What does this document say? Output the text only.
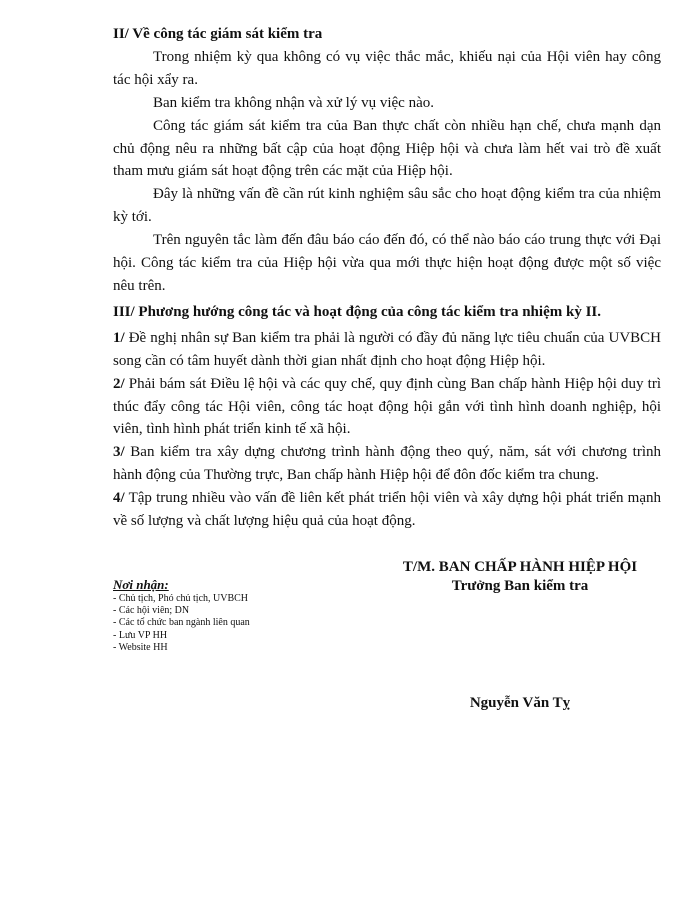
II/ Về công tác giám sát kiểm tra

Trong nhiệm kỳ qua không có vụ việc thắc mắc, khiếu nại của Hội viên hay công tác hội xẩy ra.

Ban kiểm tra không nhận và xử lý vụ việc nào.

Công tác giám sát kiểm tra của Ban thực chất còn nhiều hạn chế, chưa mạnh dạn chủ động nêu ra những bất cập của hoạt động Hiệp hội và chưa làm hết vai trò đề xuất tham mưu giám sát hoạt động trên các mặt của Hiệp hội.

Đây là những vấn đề cần rút kinh nghiệm sâu sắc cho hoạt động kiểm tra của nhiệm kỳ tới.

Trên nguyên tắc làm đến đâu báo cáo đến đó, có thể nào báo cáo trung thực với Đại hội. Công tác kiểm tra của Hiệp hội vừa qua mới thực hiện hoạt động được một số việc nêu trên.

III/ Phương hướng công tác và hoạt động của công tác kiểm tra nhiệm kỳ II.

1/ Đề nghị nhân sự Ban kiểm tra phải là người có đầy đủ năng lực tiêu chuẩn của UVBCH song cần có tâm huyết dành thời gian nhất định cho hoạt động Hiệp hội.

2/ Phải bám sát Điều lệ hội và các quy chế, quy định cùng Ban chấp hành Hiệp hội duy trì thúc đẩy công tác Hội viên, công tác hoạt động hội gắn với tình hình doanh nghiệp, hội viên, tình hình phát triển kinh tế xã hội.

3/ Ban kiểm tra xây dựng chương trình hành động theo quý, năm, sát với chương trình hành động của Thường trực, Ban chấp hành Hiệp hội để đôn đốc kiểm tra chung.

4/ Tập trung nhiều vào vấn đề liên kết phát triển hội viên và xây dựng hội phát triển mạnh về số lượng và chất lượng hiệu quả của hoạt động.

T/M. BAN CHẤP HÀNH HIỆP HỘI
Trưởng Ban kiểm tra
Nơi nhận:
- Chủ tịch, Phó chủ tịch, UVBCH
- Các hội viên; DN
- Các tổ chức ban ngành liên quan
- Lưu VP HH
- Website HH
Nguyễn Văn Tỵ
